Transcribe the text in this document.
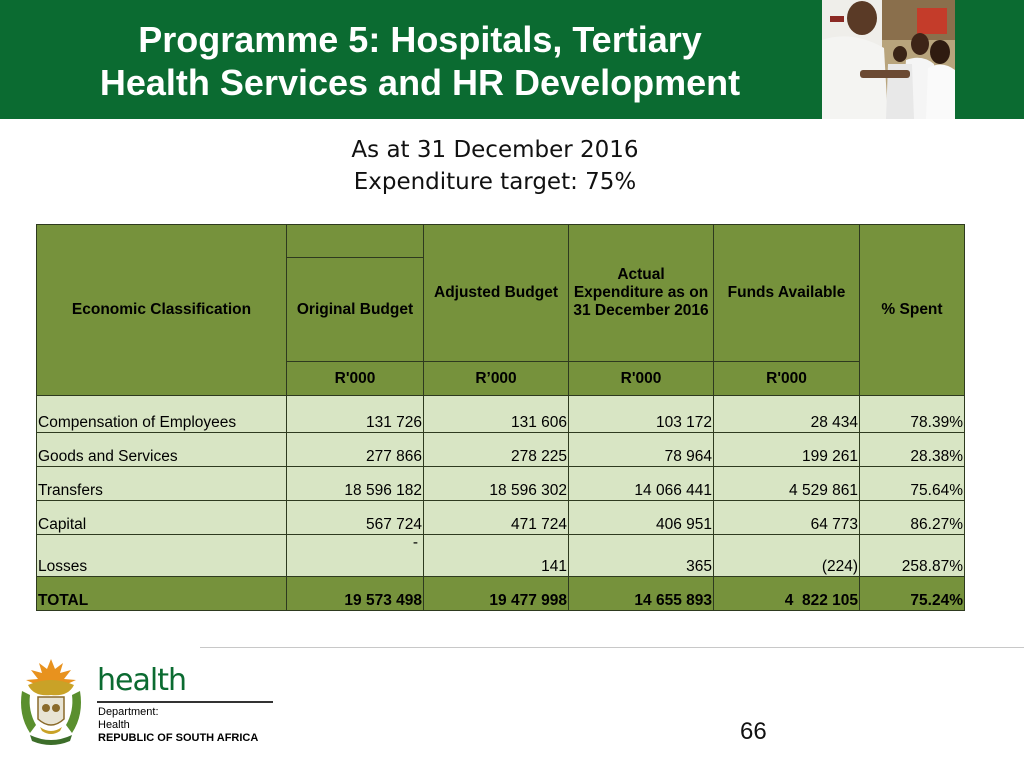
Programme 5: Hospitals, Tertiary
Health Services and HR Development
As at 31 December 2016
Expenditure target: 75%
Economic Classification		Adjusted Budget	Actual Expenditure as on 31 December 2016	Funds Available	% Spent
	Original Budget				
	R'000	R’000	R'000	R'000	
Compensation of Employees	131 726	131 606	103 172	28 434	78.39%
Goods and Services	277 866	278 225	78 964	199 261	28.38%
Transfers	18 596 182	18 596 302	14 066 441	4 529 861	75.64%
Capital	567 724	471 724	406 951	64 773	86.27%
Losses	-	141	365	(224)	258.87%
TOTAL	19 573 498	19 477 998	14 655 893	4  822 105	75.24%
health
Department:
Health
REPUBLIC OF SOUTH AFRICA	66
